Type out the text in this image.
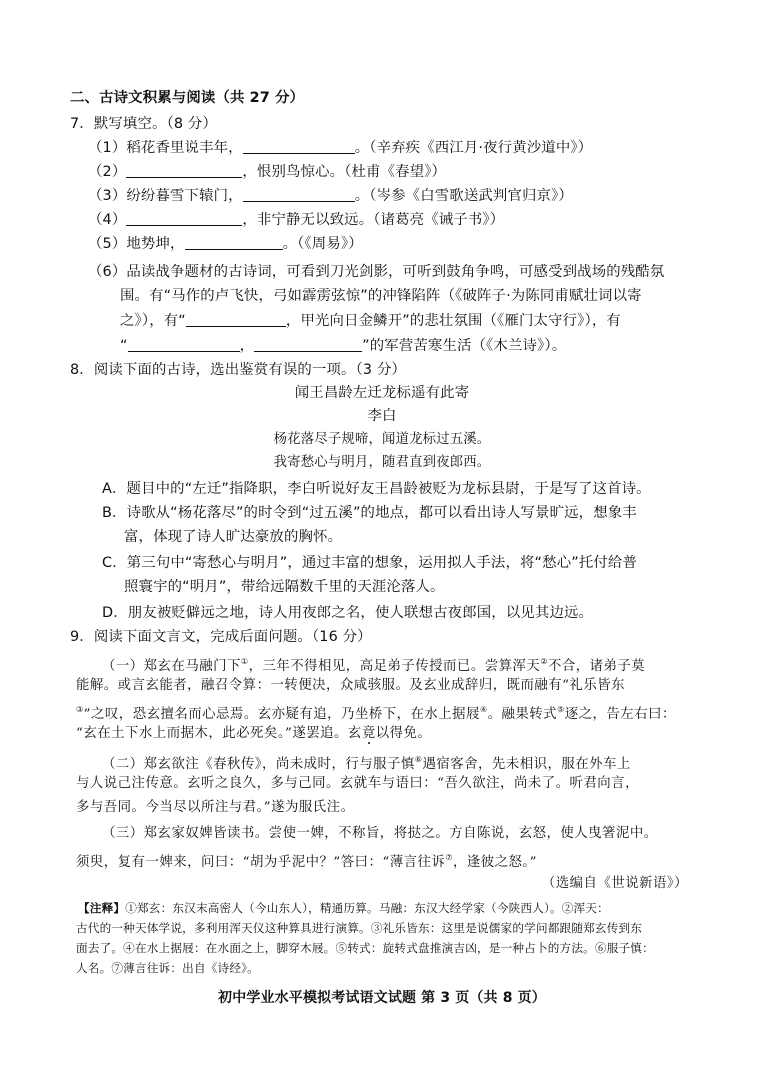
二、古诗文积累与阅读（共 27 分）
7．默写填空。（8 分）
（1）稻花香里说丰年，	。（辛弃疾《西江月·夜行黄沙道中》）
（2）	，恨别鸟惊心。（杜甫《春望》）
（3）纷纷暮雪下辕门，	。（岑参《白雪歌送武判官归京》）
（4）	，非宁静无以致远。（诸葛亮《诫子书》）
（5）地势坤，	。（《周易》）
（6）品读战争题材的古诗词，可看到刀光剑影，可听到鼓角争鸣，可感受到战场的残酷氛
围。有“马作的卢飞快，弓如霹雳弦惊”的冲锋陷阵（《破阵子·为陈同甫赋壮词以寄
之》），有“	，甲光向日金鳞开”的悲壮氛围（《雁门太守行》），有
“	，	”的军营苦寒生活（《木兰诗》）。
8．阅读下面的古诗，选出鉴赏有误的一项。（3 分）
闻王昌龄左迁龙标遥有此寄
李白
杨花落尽子规啼，闻道龙标过五溪。
我寄愁心与明月，随君直到夜郎西。
A．题目中的“左迁”指降职，李白听说好友王昌龄被贬为龙标县尉，于是写了这首诗。
B．诗歌从“杨花落尽”的时令到“过五溪”的地点，都可以看出诗人写景旷远，想象丰
富，体现了诗人旷达豪放的胸怀。
C．第三句中“寄愁心与明月”，通过丰富的想象，运用拟人手法，将“愁心”托付给普
照寰宇的“明月”，带给远隔数千里的天涯沦落人。
D．朋友被贬僻远之地，诗人用夜郎之名，使人联想古夜郎国，以见其边远。
9．阅读下面文言文，完成后面问题。（16 分）
（一）郑玄在马融门下①，三年不得相见，高足弟子传授而已。尝算浑天②不合，诸弟子莫
能解。或言玄能者，融召令算：一转便决，众咸骇服。及玄业成辞归，既而融有“礼乐皆东
③”之叹，恐玄擅名而心忌焉。玄亦疑有追，乃坐桥下，在水上据屐④。融果转式⑤逐之，告左右曰：
“玄在土下水上而据木，此必死矣。”遂罢追。玄竟以得免。
（二）郑玄欲注《春秋传》，尚未成时，行与服子慎⑥遇宿客舍，先未相识，服在外车上
与人说己注传意。玄听之良久，多与己同。玄就车与语曰：“吾久欲注，尚未了。听君向言，
多与吾同。今当尽以所注与君。”遂为服氏注。
（三）郑玄家奴婢皆读书。尝使一婢，不称旨，将挞之。方自陈说，玄怒，使人曳箸泥中。
须臾，复有一婢来，问曰：“胡为乎泥中？”答曰：“薄言往诉⑦，逢彼之怒。”
（选编自《世说新语》）
【注释】①郑玄：东汉末高密人（今山东人），精通历算。马融：东汉大经学家（今陕西人）。②浑天：
古代的一种天体学说，多利用浑天仪这种算具进行演算。③礼乐皆东：这里是说儒家的学问都跟随郑玄传到东
面去了。④在水上据屐：在水面之上，脚穿木屐。⑤转式：旋转式盘推演吉凶，是一种占卜的方法。⑥服子慎：
人名。⑦薄言往诉：出自《诗经》。
初中学业水平模拟考试语文试题 第 3 页（共 8 页）
